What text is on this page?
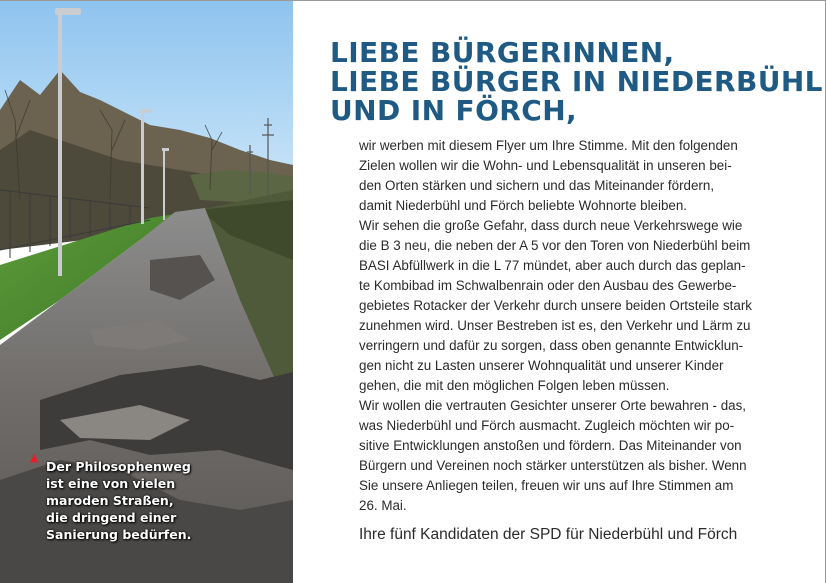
▲
Der Philosophenweg
ist eine von vielen
maroden Straßen,
die dringend einer
Sanierung bedürfen.
LIEBE BÜRGERINNEN,
LIEBE BÜRGER IN NIEDERBÜHL
UND IN FÖRCH,
wir werben mit diesem Flyer um Ihre Stimme. Mit den folgenden
Zielen wollen wir die Wohn- und Lebensqualität in unseren bei-
den Orten stärken und sichern und das Miteinander fördern,
damit Niederbühl und Förch beliebte Wohnorte bleiben.
Wir sehen die große Gefahr, dass durch neue Verkehrswege wie
die B 3 neu, die neben der A 5 vor den Toren von Niederbühl beim
BASI Abfüllwerk in die L 77 mündet, aber auch durch das geplan-
te Kombibad im Schwalbenrain oder den Ausbau des Gewerbe-
gebietes Rotacker der Verkehr durch unsere beiden Ortsteile stark
zunehmen wird. Unser Bestreben ist es, den Verkehr und Lärm zu
verringern und dafür zu sorgen, dass oben genannte Entwicklun-
gen nicht zu Lasten unserer Wohnqualität und unserer Kinder
gehen, die mit den möglichen Folgen leben müssen.
Wir wollen die vertrauten Gesichter unserer Orte bewahren - das,
was Niederbühl und Förch ausmacht. Zugleich möchten wir po-
sitive Entwicklungen anstoßen und fördern. Das Miteinander von
Bürgern und Vereinen noch stärker unterstützen als bisher. Wenn
Sie unsere Anliegen teilen, freuen wir uns auf Ihre Stimmen am
26. Mai.
Ihre fünf Kandidaten der SPD für Niederbühl und Förch
